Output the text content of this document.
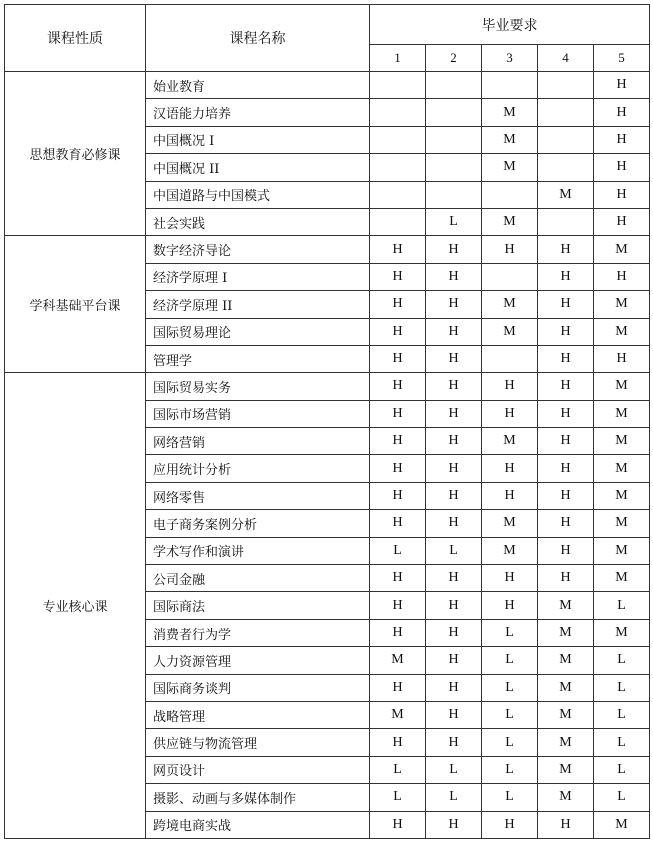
课程性质	课程名称	毕业要求				
		1	2	3	4	5
思想教育必修课	始业教育					H
	汉语能力培养			M		H
	中国概况 I			M		H
	中国概况 II			M		H
	中国道路与中国模式				M	H
	社会实践		L	M		H
学科基础平台课	数字经济导论	H	H	H	H	M
	经济学原理 I	H	H		H	H
	经济学原理 II	H	H	M	H	M
	国际贸易理论	H	H	M	H	M
	管理学	H	H		H	H
专业核心课	国际贸易实务	H	H	H	H	M
	国际市场营销	H	H	H	H	M
	网络营销	H	H	M	H	M
	应用统计分析	H	H	H	H	M
	网络零售	H	H	H	H	M
	电子商务案例分析	H	H	M	H	M
	学术写作和演讲	L	L	M	H	M
	公司金融	H	H	H	H	M
	国际商法	H	H	H	M	L
	消费者行为学	H	H	L	M	M
	人力资源管理	M	H	L	M	L
	国际商务谈判	H	H	L	M	L
	战略管理	M	H	L	M	L
	供应链与物流管理	H	H	L	M	L
	网页设计	L	L	L	M	L
	摄影、动画与多媒体制作	L	L	L	M	L
	跨境电商实战	H	H	H	H	M
